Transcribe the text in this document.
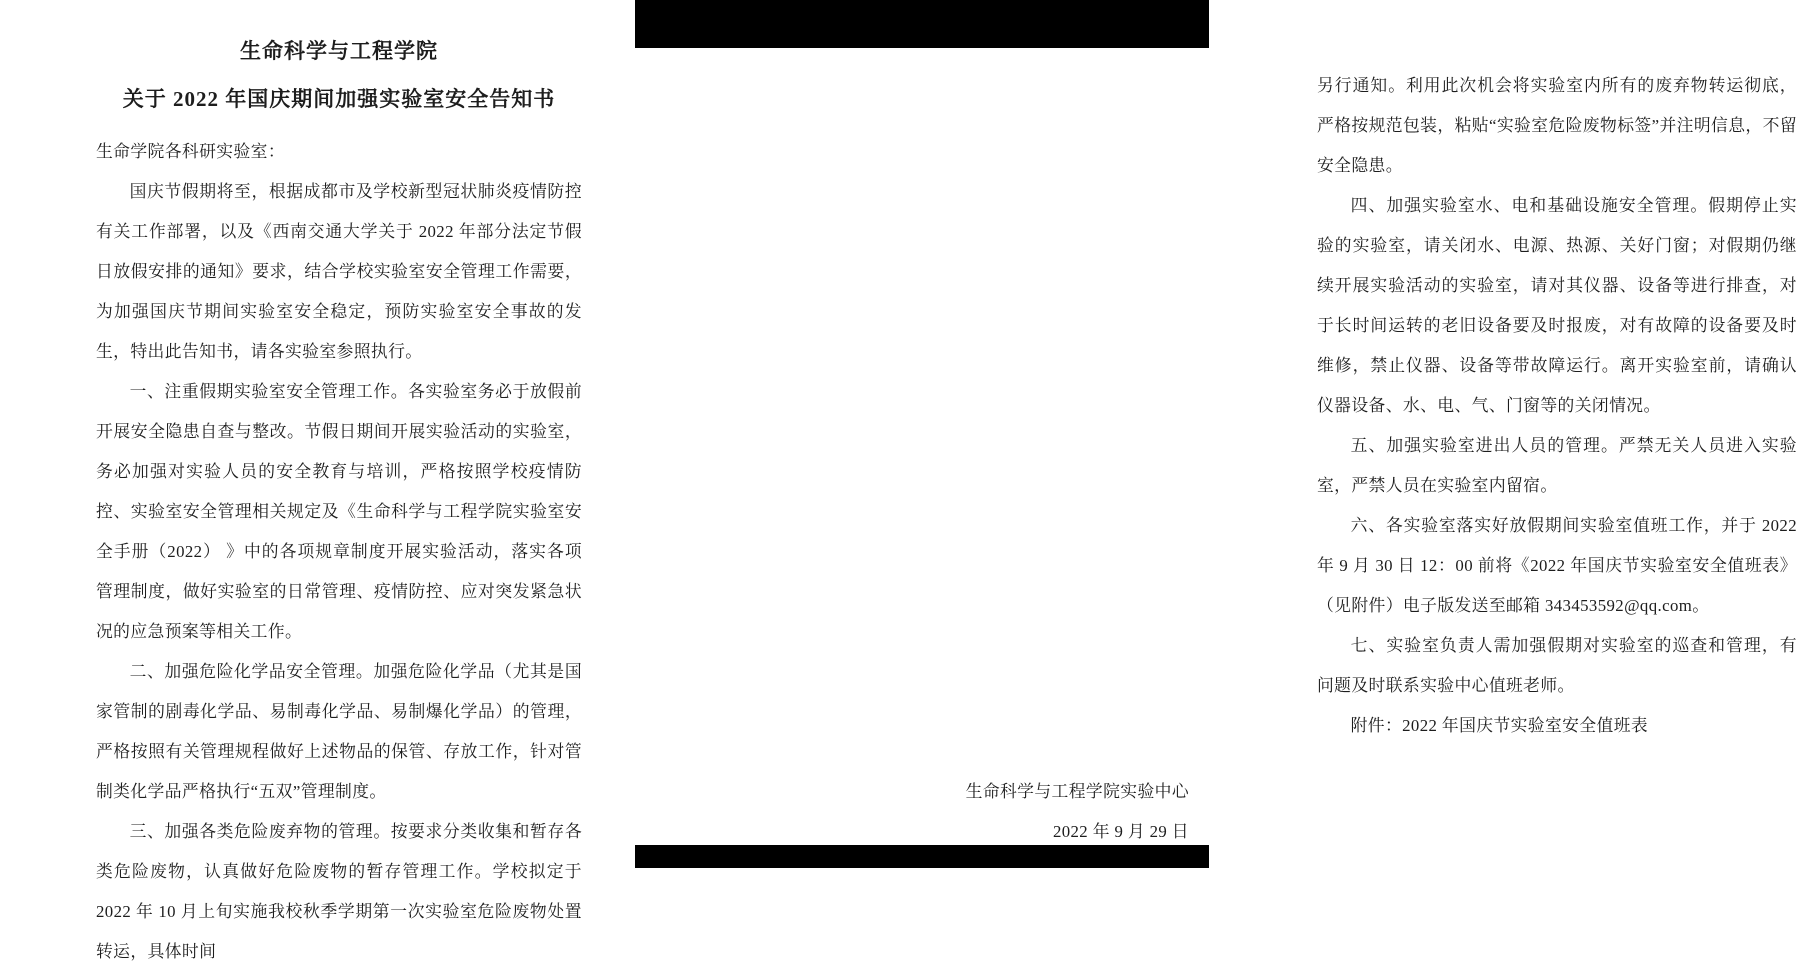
生命科学与工程学院
关于 2022 年国庆期间加强实验室安全告知书

生命学院各科研实验室：

国庆节假期将至，根据成都市及学校新型冠状肺炎疫情防控有关工作部署，以及《西南交通大学关于 2022 年部分法定节假日放假安排的通知》要求，结合学校实验室安全管理工作需要，为加强国庆节期间实验室安全稳定，预防实验室安全事故的发生，特出此告知书，请各实验室参照执行。

一、注重假期实验室安全管理工作。各实验室务必于放假前开展安全隐患自查与整改。节假日期间开展实验活动的实验室，务必加强对实验人员的安全教育与培训，严格按照学校疫情防控、实验室安全管理相关规定及《生命科学与工程学院实验室安全手册（2022） 》中的各项规章制度开展实验活动，落实各项管理制度，做好实验室的日常管理、疫情防控、应对突发紧急状况的应急预案等相关工作。

二、加强危险化学品安全管理。加强危险化学品（尤其是国家管制的剧毒化学品、易制毒化学品、易制爆化学品）的管理，严格按照有关管理规程做好上述物品的保管、存放工作，针对管制类化学品严格执行“五双”管理制度。

三、加强各类危险废弃物的管理。按要求分类收集和暂存各类危险废物，认真做好危险废物的暂存管理工作。学校拟定于 2022 年 10 月上旬实施我校秋季学期第一次实验室危险废物处置转运，具体时间

另行通知。利用此次机会将实验室内所有的废弃物转运彻底，严格按规范包装，粘贴“实验室危险废物标签”并注明信息，不留安全隐患。

四、加强实验室水、电和基础设施安全管理。假期停止实验的实验室，请关闭水、电源、热源、关好门窗；对假期仍继续开展实验活动的实验室，请对其仪器、设备等进行排查，对于长时间运转的老旧设备要及时报废，对有故障的设备要及时维修，禁止仪器、设备等带故障运行。离开实验室前，请确认仪器设备、水、电、气、门窗等的关闭情况。

五、加强实验室进出人员的管理。严禁无关人员进入实验室，严禁人员在实验室内留宿。

六、各实验室落实好放假期间实验室值班工作，并于 2022 年 9 月 30 日 12：00 前将《2022 年国庆节实验室安全值班表》（见附件）电子版发送至邮箱 343453592@qq.com。

七、实验室负责人需加强假期对实验室的巡查和管理，有问题及时联系实验中心值班老师。

附件：2022 年国庆节实验室安全值班表

生命科学与工程学院实验中心
2022 年 9 月 29 日
